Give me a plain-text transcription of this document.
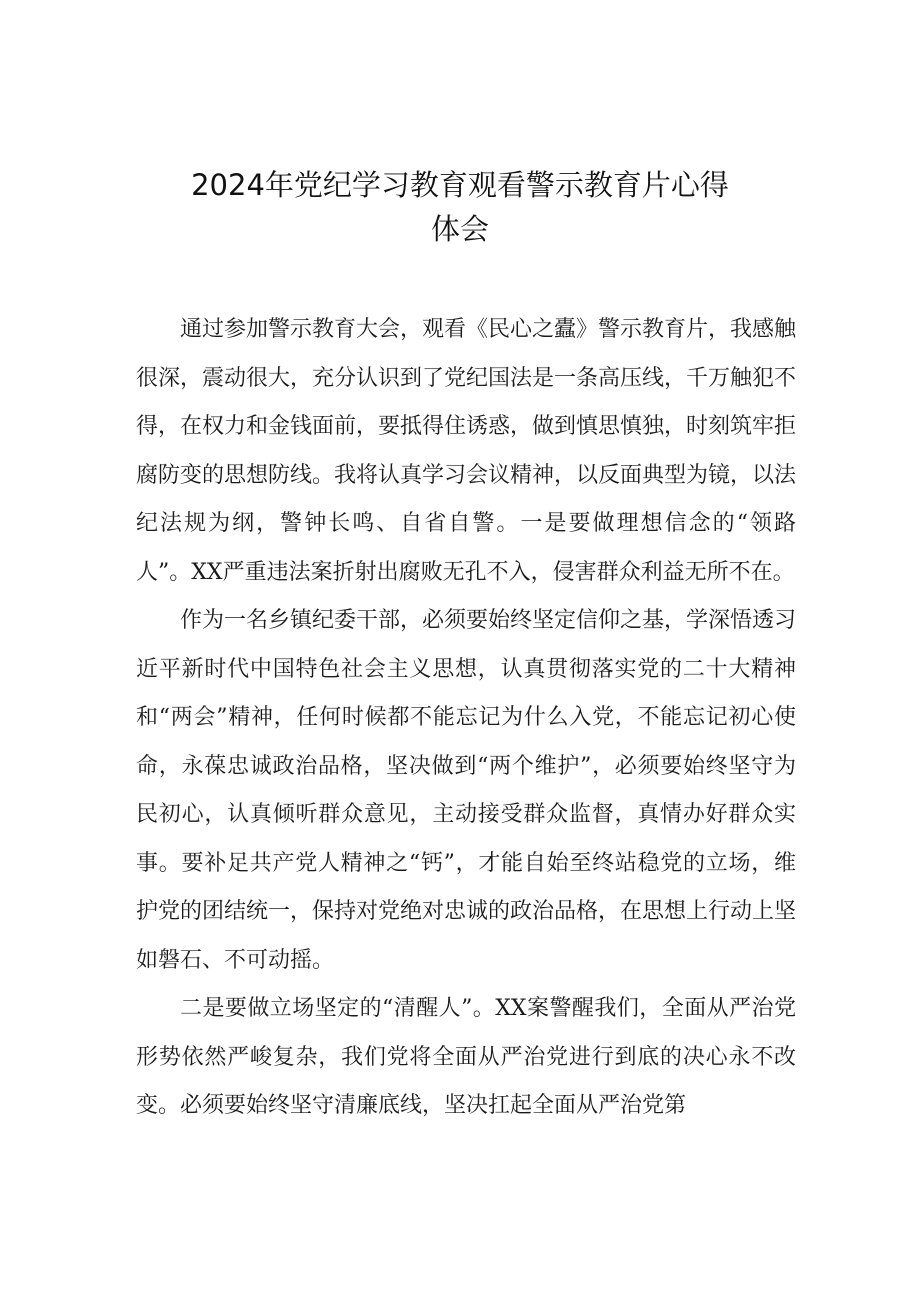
2024年党纪学习教育观看警示教育片心得
体会

通过参加警示教育大会，观看《民心之蠹》警示教育片，我感触很深，震动很大，充分认识到了党纪国法是一条高压线，千万触犯不得，在权力和金钱面前，要抵得住诱惑，做到慎思慎独，时刻筑牢拒腐防变的思想防线。我将认真学习会议精神，以反面典型为镜，以法纪法规为纲，警钟长鸣、自省自警。一是要做理想信念的“领路人”。XX严重违法案折射出腐败无孔不入，侵害群众利益无所不在。

作为一名乡镇纪委干部，必须要始终坚定信仰之基，学深悟透习近平新时代中国特色社会主义思想，认真贯彻落实党的二十大精神和“两会”精神，任何时候都不能忘记为什么入党，不能忘记初心使命，永葆忠诚政治品格，坚决做到“两个维护”，必须要始终坚守为民初心，认真倾听群众意见，主动接受群众监督，真情办好群众实事。要补足共产党人精神之“钙”，才能自始至终站稳党的立场，维护党的团结统一，保持对党绝对忠诚的政治品格，在思想上行动上坚如磐石、不可动摇。

二是要做立场坚定的“清醒人”。XX案警醒我们，全面从严治党形势依然严峻复杂，我们党将全面从严治党进行到底的决心永不改变。必须要始终坚守清廉底线，坚决扛起全面从严治党第
